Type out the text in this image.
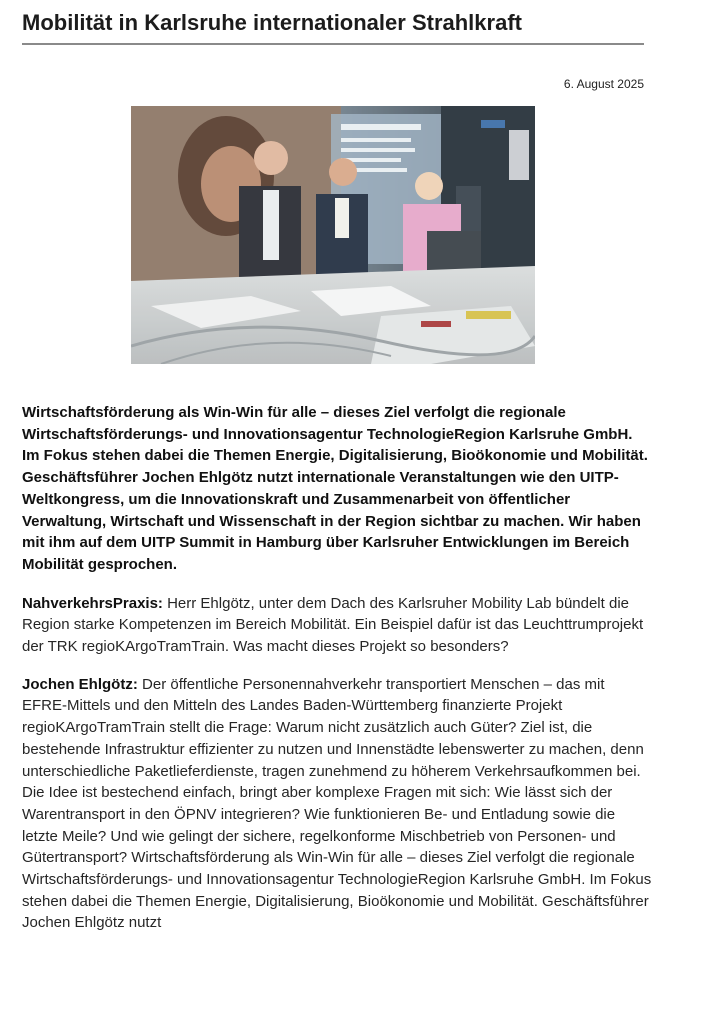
Mobilität in Karlsruhe internationaler Strahlkraft
6. August 2025

Wirtschaftsförderung als Win-Win für alle – dieses Ziel verfolgt die regionale Wirtschaftsförderungs- und Innovationsagentur TechnologieRegion Karlsruhe GmbH. Im Fokus stehen dabei die Themen Energie, Digitalisierung, Bioökonomie und Mobilität. Geschäftsführer Jochen Ehlgötz nutzt internationale Veranstaltungen wie den UITP-Weltkongress, um die Innovationskraft und Zusammenarbeit von öffentlicher Verwaltung, Wirtschaft und Wissenschaft in der Region sichtbar zu machen. Wir haben mit ihm auf dem UITP Summit in Hamburg über Karlsruher Entwicklungen im Bereich Mobilität gesprochen.

NahverkehrsPraxis: Herr Ehlgötz, unter dem Dach des Karlsruher Mobility Lab bündelt die Region starke Kompetenzen im Bereich Mobilität. Ein Beispiel dafür ist das Leuchttrumprojekt der TRK regioKArgoTramTrain. Was macht dieses Projekt so besonders?

Jochen Ehlgötz: Der öffentliche Personennahverkehr transportiert Menschen – das mit EFRE-Mittels und den Mitteln des Landes Baden-Württemberg finanzierte Projekt regioKArgoTramTrain stellt die Frage: Warum nicht zusätzlich auch Güter? Ziel ist, die bestehende Infrastruktur effizienter zu nutzen und Innenstädte lebenswerter zu machen, denn unterschiedliche Paketlieferdienste, tragen zunehmend zu höherem Verkehrsaufkommen bei. Die Idee ist bestechend einfach, bringt aber komplexe Fragen mit sich: Wie lässt sich der Warentransport in den ÖPNV integrieren? Wie funktionieren Be- und Entladung sowie die letzte Meile? Und wie gelingt der sichere, regelkonforme Mischbetrieb von Personen- und Gütertransport? Wirtschaftsförderung als Win-Win für alle – dieses Ziel verfolgt die regionale Wirtschaftsförderungs- und Innovationsagentur TechnologieRegion Karlsruhe GmbH. Im Fokus stehen dabei die Themen Energie, Digitalisierung, Bioökonomie und Mobilität. Geschäftsführer Jochen Ehlgötz nutzt
